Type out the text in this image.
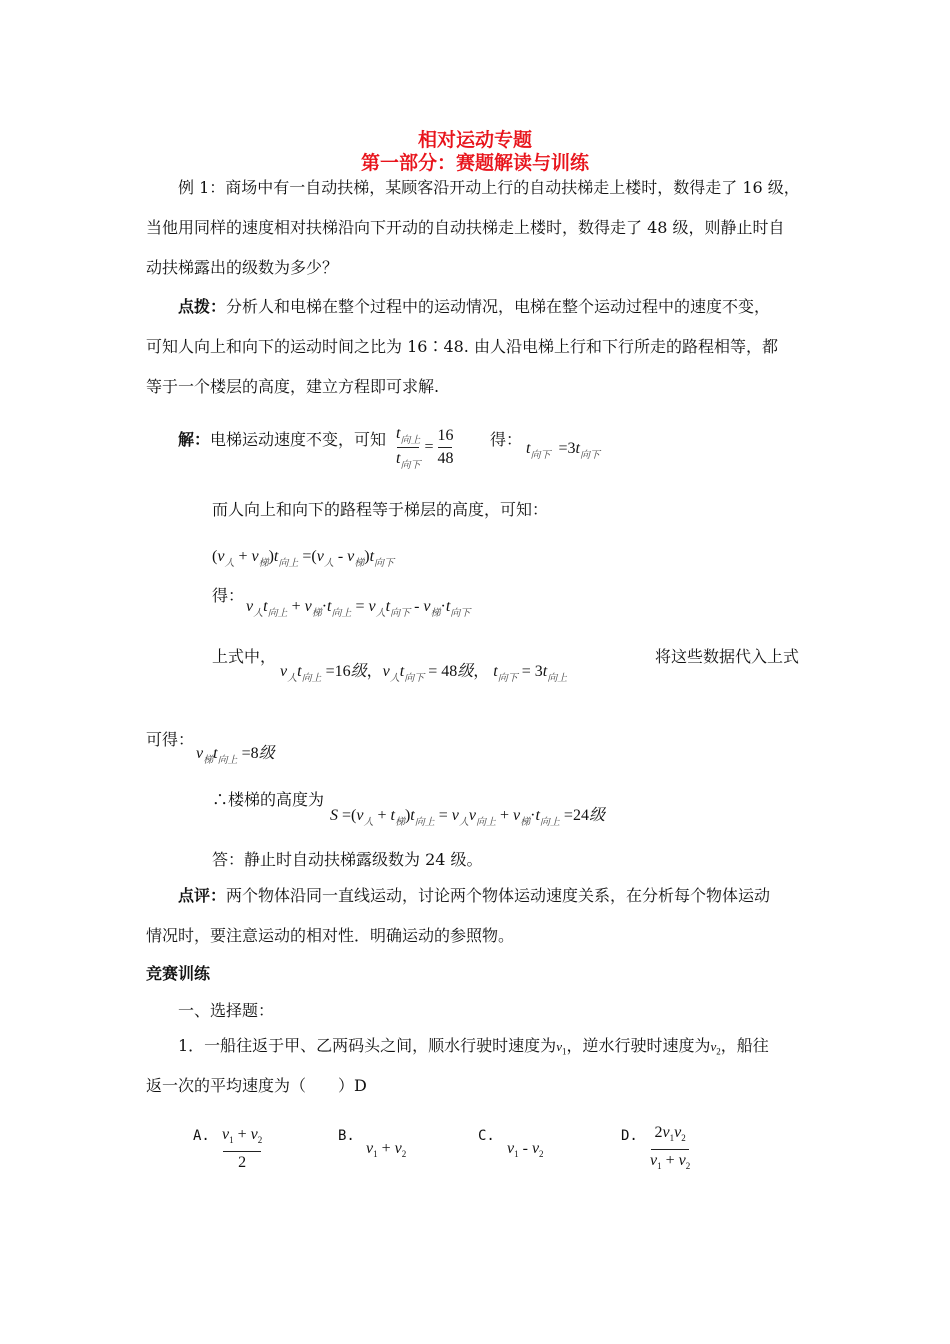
相对运动专题
第一部分：赛题解读与训练
例 1：商场中有一自动扶梯，某顾客沿开动上行的自动扶梯走上楼时，数得走了 16 级，
当他用同样的速度相对扶梯沿向下开动的自动扶梯走上楼时，数得走了 48 级，则静止时自
动扶梯露出的级数为多少？
点拨：分析人和电梯在整个过程中的运动情况，电梯在整个运动过程中的速度不变，
可知人向上和向下的运动时间之比为 16∶48. 由人沿电梯上行和下行所走的路程相等，都
等于一个楼层的高度，建立方程即可求解.
解：电梯运动速度不变，可知 $\frac{t_{向上}}{t_{向下}} = \frac{16}{48}$ 得： $t_{向下} =3t_{向下}$
而人向上和向下的路程等于梯层的高度，可知：
$(v_人 + v_梯)t_{向上} =(v_人 - v_梯)t_{向下}$
得：
$v_人t_{向上} + v_梯\cdot t_{向上} = v_人t_{向下} - v_梯\cdot t_{向下}$
上式中，
$v_人t_{向上} =16$级，$v_人t_{向下} = 48$级， $t_{向下} = 3t_{向上}$
将这些数据代入上式
可得：
$v_梯t_{向上} =8$级
∴楼梯的高度为
$S =(v_人 + t_梯)t_{向上} = v_人v_{向上} + v_梯\cdot t_{向上} =24$级
答：静止时自动扶梯露级数为 24 级。
点评：两个物体沿同一直线运动，讨论两个物体运动速度关系，在分析每个物体运动
情况时，要注意运动的相对性．明确运动的参照物。
竞赛训练
一、选择题：
1．一船往返于甲、乙两码头之间，顺水行驶时速度为$v_1$，逆水行驶时速度为$v_2$，船往
返一次的平均速度为（　　）D
A. $\frac{v_1 + v_2}{2}$	B.
$v_1 + v_2$
C.
$v_1 - v_2$
D. $\frac{2v_1v_2}{v_1 + v_2}$
